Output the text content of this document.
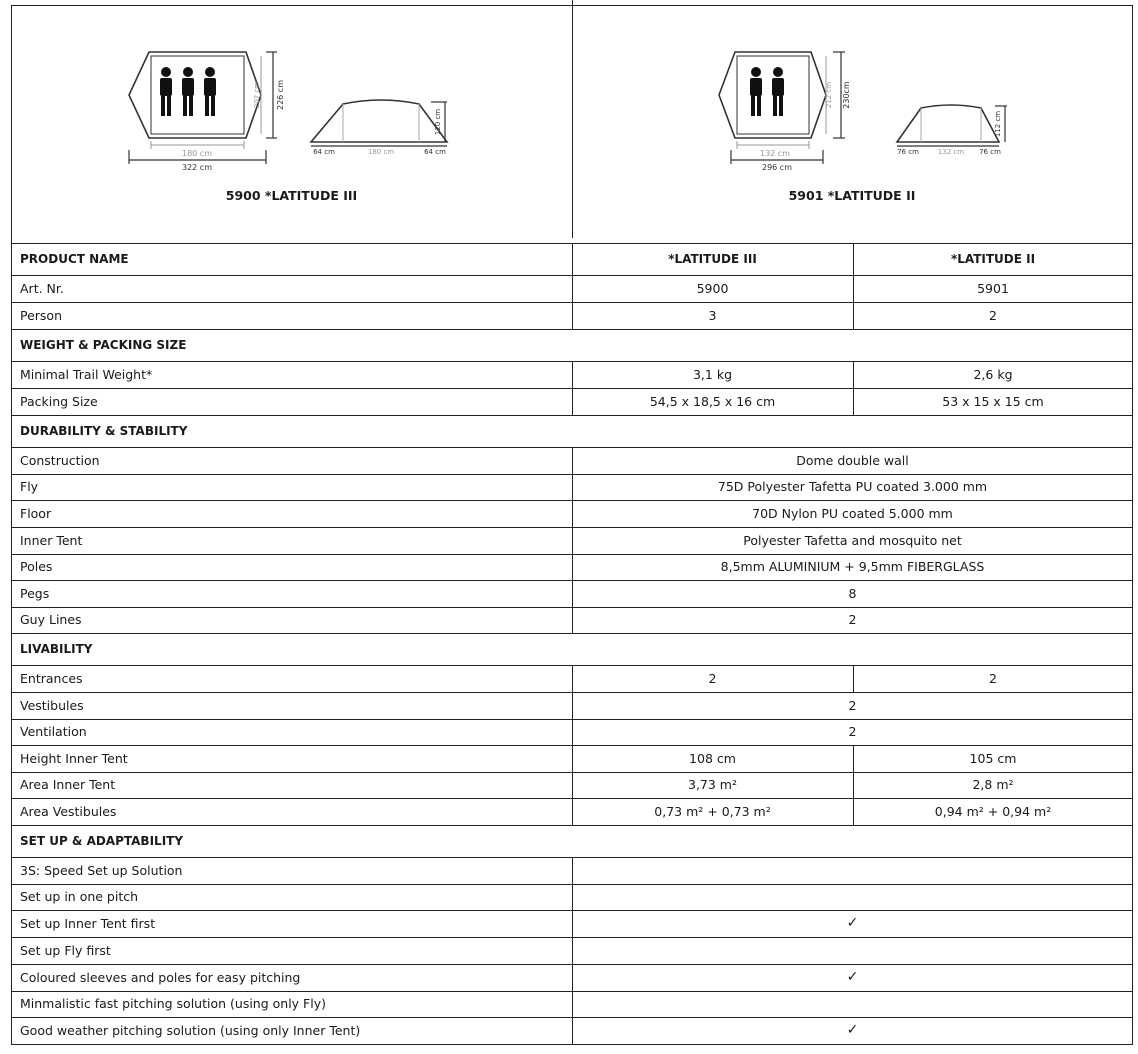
180 cm
322 cm
207 cm 226 cm
64 cm	180 cm	64 cm
120 cm
5900 *LATITUDE III
132 cm
296 cm
212 cm 230cm
76 cm	132 cm 76 cm
112 cm
5901 *LATITUDE II
PRODUCT NAME	*LATITUDE III	*LATITUDE II
Art. Nr.	5900	5901
Person	3	2
WEIGHT & PACKING SIZE
Minimal Trail Weight*	3,1 kg	2,6 kg
Packing Size	54,5 x 18,5 x 16 cm	53 x 15 x 15 cm
DURABILITY & STABILITY
Construction	Dome double wall
Fly	75D Polyester Tafetta PU coated 3.000 mm
Floor	70D Nylon PU coated 5.000 mm
Inner Tent	Polyester Tafetta and mosquito net
Poles	8,5mm ALUMINIUM + 9,5mm FIBERGLASS
Pegs	8
Guy Lines	2
LIVABILITY
Entrances	2	2
Vestibules	2
Ventilation	2
Height Inner Tent	108 cm	105 cm
Area Inner Tent	3,73 m²	2,8 m²
Area Vestibules	0,73 m² + 0,73 m²	0,94 m² + 0,94 m²
SET UP & ADAPTABILITY
3S: Speed Set up Solution
Set up in one pitch
Set up Inner Tent first	✓
Set up Fly first
Coloured sleeves and poles for easy pitching	✓
Minmalistic fast pitching solution (using only Fly)
Good weather pitching solution (using only Inner Tent)	✓
